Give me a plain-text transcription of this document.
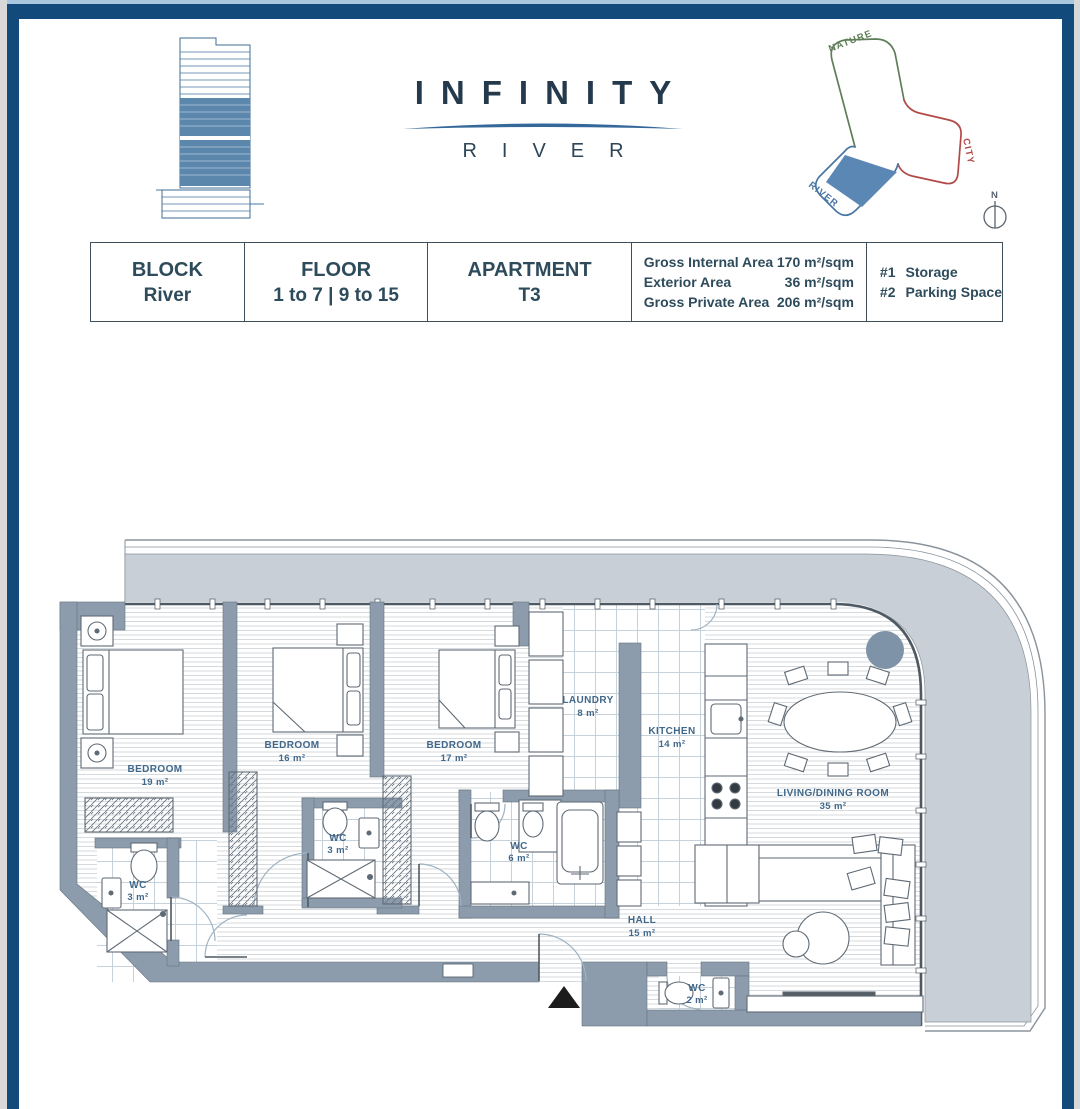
INFINITY
RIVER
NATURE
CITY
RIVER	N
BLOCK
River
FLOOR
1 to 7 | 9 to 15
APARTMENT
T3
Gross Internal Area 170 m²/sqm
Exterior Area	36 m²/sqm
Gross Private Area 206 m²/sqm
#1 Storage
#2 Parking Space
BEDROOM
19 m²
BEDROOM
16 m²
BEDROOM
17 m²
LAUNDRY
8 m²
KITCHEN
14 m²
LIVING/DINING ROOM
35 m²
HALL
15 m²
WC
3 m²
WC
3 m²	WC
6 m²
WC
2 m²
